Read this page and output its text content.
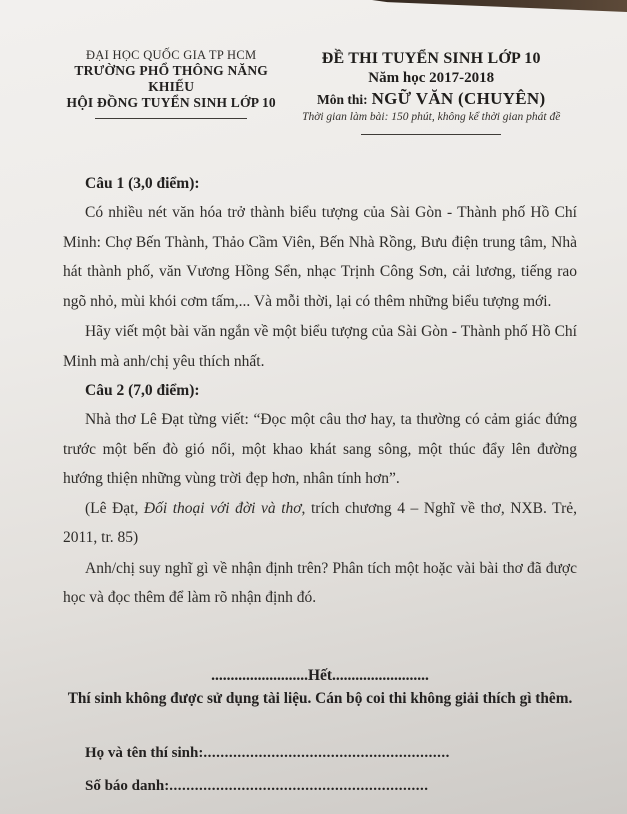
ĐẠI HỌC QUỐC GIA TP HCM
TRƯỜNG PHỔ THÔNG NĂNG KHIẾU
HỘI ĐỒNG TUYỂN SINH LỚP 10
ĐỀ THI TUYỂN SINH LỚP 10
Năm học 2017-2018
Môn thi: NGỮ VĂN (CHUYÊN)
Thời gian làm bài: 150 phút, không kể thời gian phát đề
Câu 1 (3,0 điểm):

Có nhiều nét văn hóa trở thành biểu tượng của Sài Gòn - Thành phố Hồ Chí Minh: Chợ Bến Thành, Thảo Cầm Viên, Bến Nhà Rồng, Bưu điện trung tâm, Nhà hát thành phố, văn Vương Hồng Sển, nhạc Trịnh Công Sơn, cải lương, tiếng rao ngõ nhỏ, mùi khói cơm tấm,... Và mỗi thời, lại có thêm những biểu tượng mới.

Hãy viết một bài văn ngắn về một biểu tượng của Sài Gòn - Thành phố Hồ Chí Minh mà anh/chị yêu thích nhất.

Câu 2 (7,0 điểm):

Nhà thơ Lê Đạt từng viết: “Đọc một câu thơ hay, ta thường có cảm giác đứng trước một bến đò gió nổi, một khao khát sang sông, một thúc đẩy lên đường hướng thiện những vùng trời đẹp hơn, nhân tính hơn”.

(Lê Đạt, Đối thoại với đời và thơ, trích chương 4 – Nghĩ về thơ, NXB. Trẻ, 2011, tr. 85)

Anh/chị suy nghĩ gì về nhận định trên? Phân tích một hoặc vài bài thơ đã được học và đọc thêm để làm rõ nhận định đó.

.........................Hết.........................
Thí sinh không được sử dụng tài liệu. Cán bộ coi thi không giải thích gì thêm.
Họ và tên thí sinh:..........................................................
Số báo danh:.............................................................
